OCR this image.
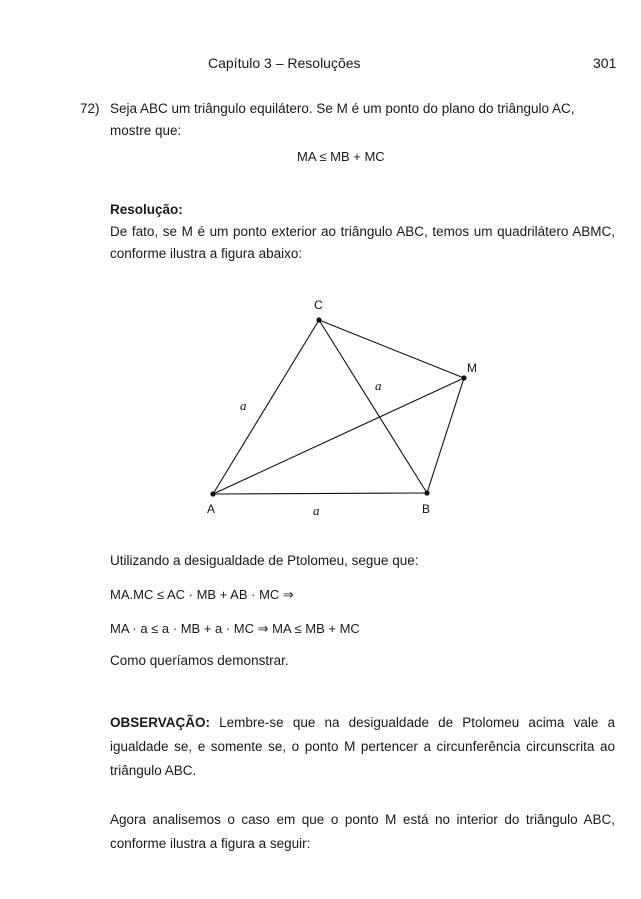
Capítulo 3 – Resoluções	301
72) Seja ABC um triângulo equilátero. Se M é um ponto do plano do triângulo AC,
mostre que:
MA ≤ MB + MC
Resolução:
De fato, se M é um ponto exterior ao triângulo ABC, temos um quadrilátero ABMC, conforme ilustra a figura abaixo:
C
M
A	B
a
a
a
Utilizando a desigualdade de Ptolomeu, segue que:
MA.MC ≤ AC · MB + AB · MC ⇒
MA · a ≤ a · MB + a · MC ⇒ MA ≤ MB + MC
Como queríamos demonstrar.
OBSERVAÇÃO: Lembre-se que na desigualdade de Ptolomeu acima vale a igualdade se, e somente se, o ponto M pertencer a circunferência circunscrita ao triângulo ABC.
Agora analisemos o caso em que o ponto M está no interior do triângulo ABC, conforme ilustra a figura a seguir:
